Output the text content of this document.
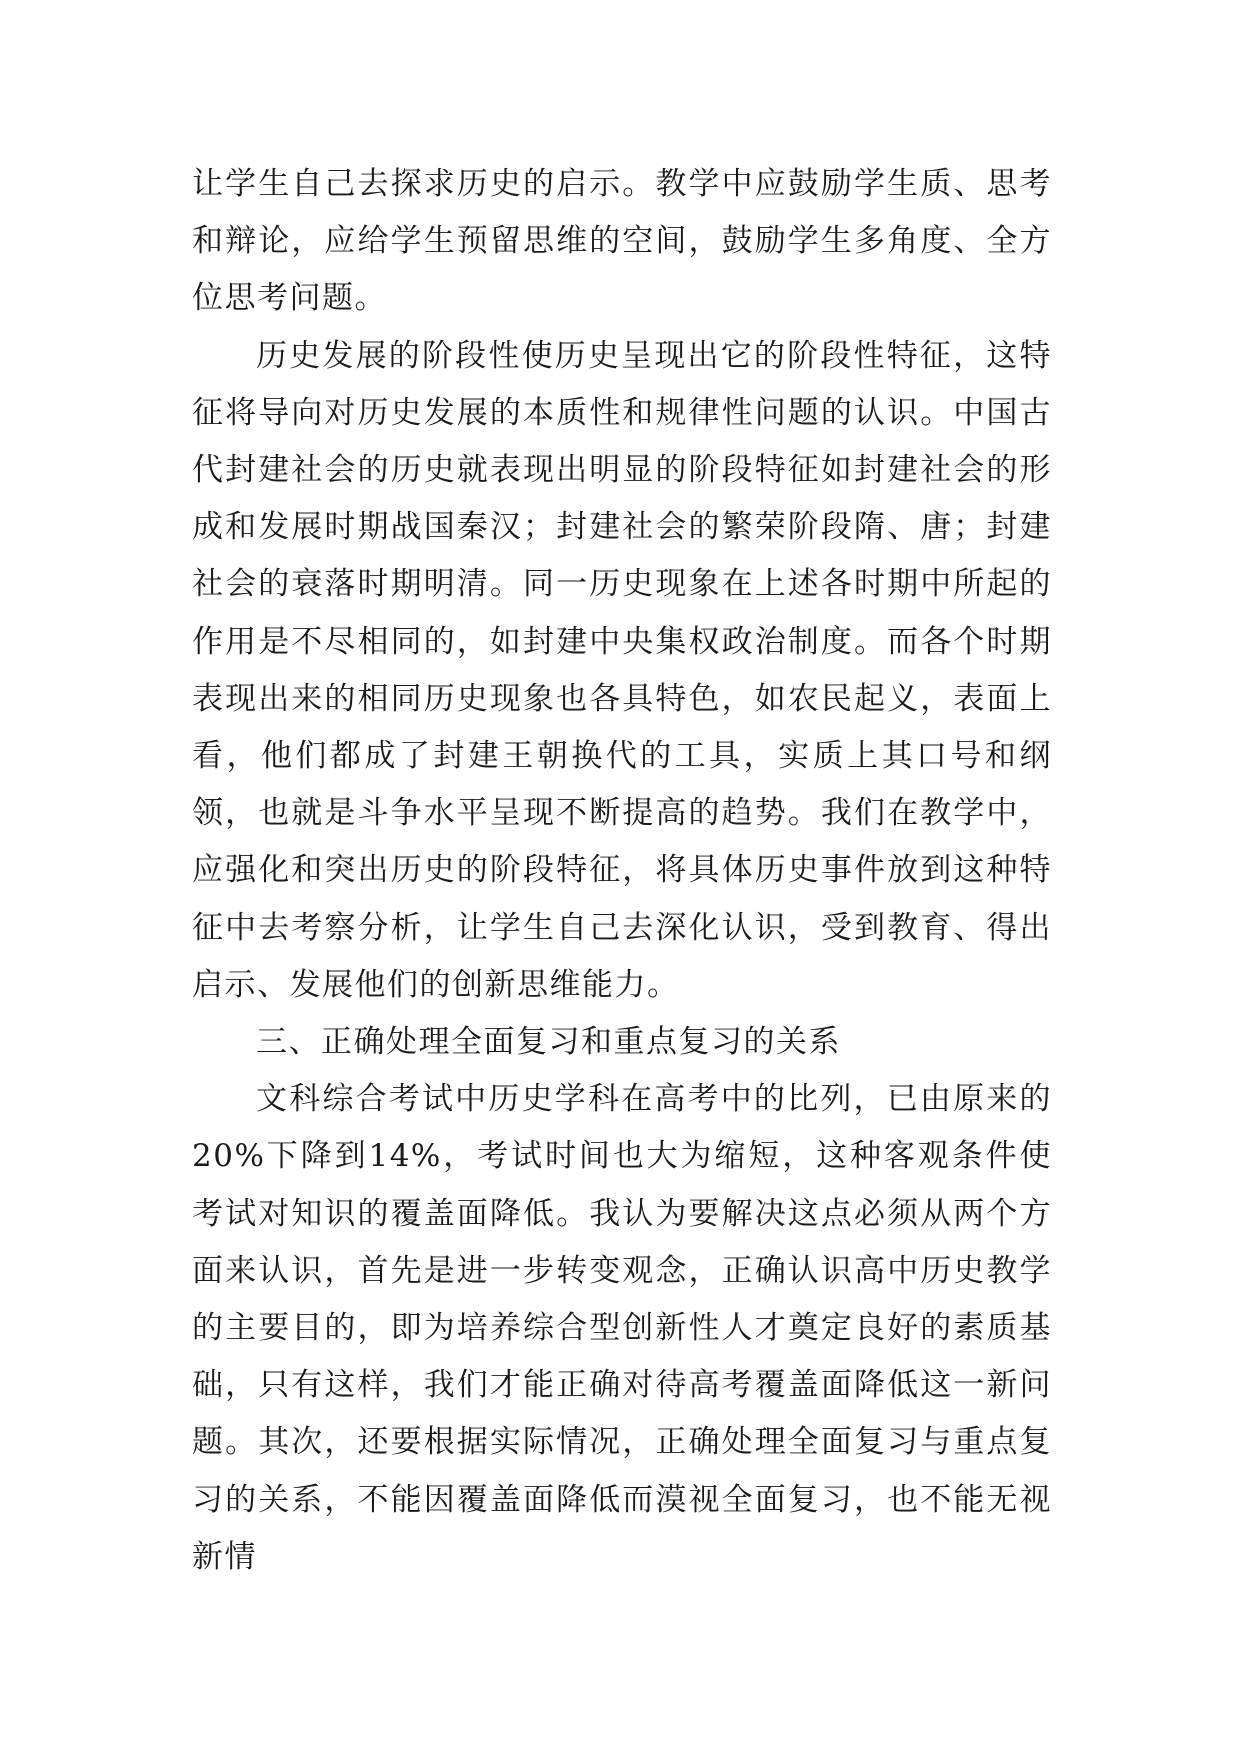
让学生自己去探求历史的启示。教学中应鼓励学生质、思考和辩论，应给学生预留思维的空间，鼓励学生多角度、全方位思考问题。

历史发展的阶段性使历史呈现出它的阶段性特征，这特征将导向对历史发展的本质性和规律性问题的认识。中国古代封建社会的历史就表现出明显的阶段特征如封建社会的形成和发展时期战国秦汉；封建社会的繁荣阶段隋、唐；封建社会的衰落时期明清。同一历史现象在上述各时期中所起的作用是不尽相同的，如封建中央集权政治制度。而各个时期表现出来的相同历史现象也各具特色，如农民起义，表面上看，他们都成了封建王朝换代的工具，实质上其口号和纲领，也就是斗争水平呈现不断提高的趋势。我们在教学中，应强化和突出历史的阶段特征，将具体历史事件放到这种特征中去考察分析，让学生自己去深化认识，受到教育、得出启示、发展他们的创新思维能力。

三、正确处理全面复习和重点复习的关系

文科综合考试中历史学科在高考中的比列，已由原来的20%下降到14%，考试时间也大为缩短，这种客观条件使考试对知识的覆盖面降低。我认为要解决这点必须从两个方面来认识，首先是进一步转变观念，正确认识高中历史教学的主要目的，即为培养综合型创新性人才奠定良好的素质基础，只有这样，我们才能正确对待高考覆盖面降低这一新问题。其次，还要根据实际情况，正确处理全面复习与重点复习的关系，不能因覆盖面降低而漠视全面复习，也不能无视新情
